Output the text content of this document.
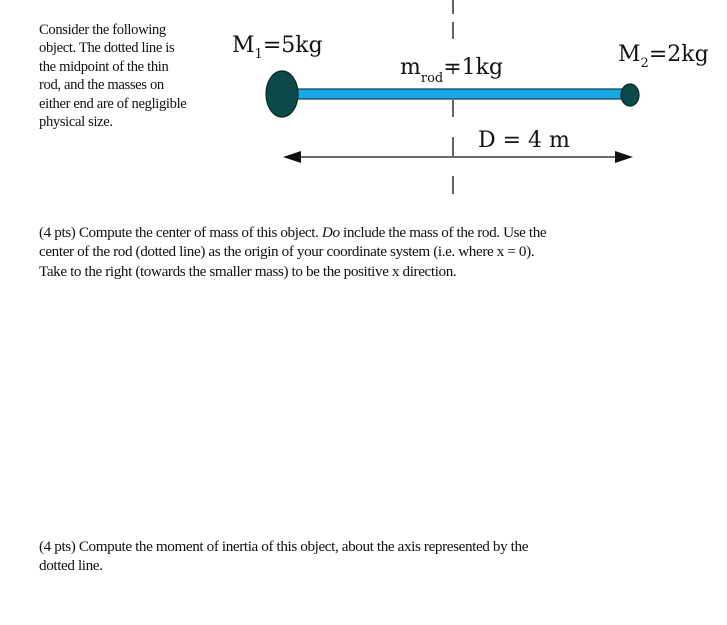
Consider the following
object. The dotted line is
the midpoint of the thin
rod, and the masses on
either end are of negligible
physical size.
$M_1=5kg$	$M_2=2kg$
$m_{rod}=1kg$
D = 4 m
(4 pts) Compute the center of mass of this object. Do include the mass of the rod. Use the
center of the rod (dotted line) as the origin of your coordinate system (i.e. where x = 0).
Take to the right (towards the smaller mass) to be the positive x direction.
(4 pts) Compute the moment of inertia of this object, about the axis represented by the
dotted line.
